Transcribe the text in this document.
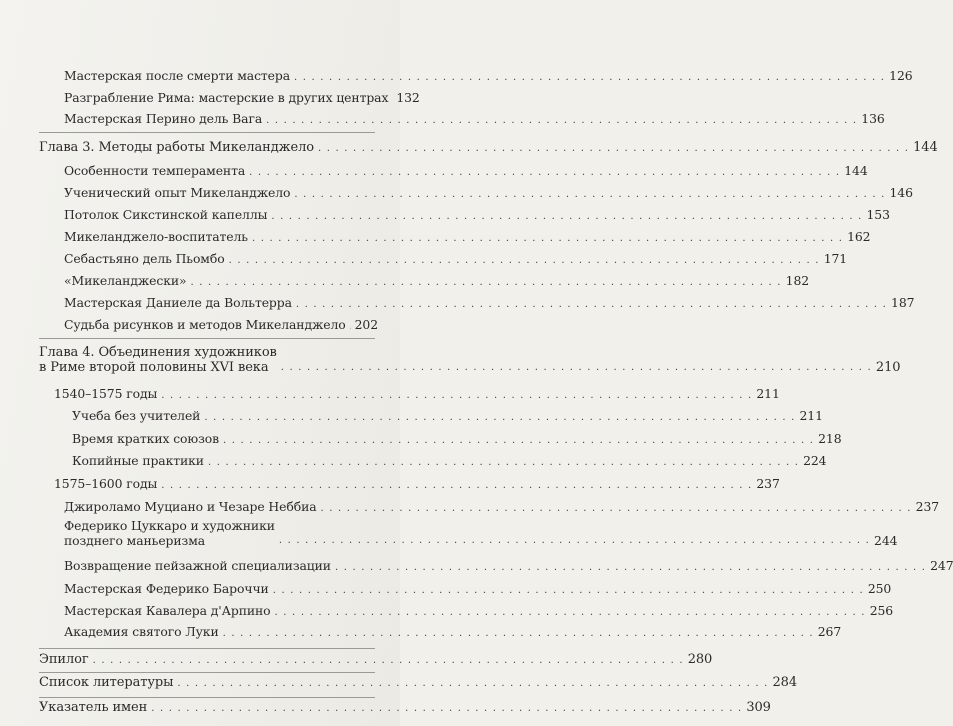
Мастерская после смерти мастера . . .	126
Разграбление Рима: мастерские в других центрах 132
Мастерская Перино дель Вага . . .	136
Глава 3. Методы работы Микеланджело . . .	144
Особенности темперамента . . .	144
Ученический опыт Микеланджело . . .	146
Потолок Сикстинской капеллы . . .	153
Микеланджело-воспитатель . . .	162
Себастьяно дель Пьомбо . . .	171
«Микеланджески» . . .	182
Мастерская Даниеле да Вольтерра . . .	187
Судьба рисунков и методов Микеланджело . . . 202
Глава 4. Объединения художников
в Риме второй половины XVI века . . .	210
1540–1575 годы . . .	211
Учеба без учителей . . .	211
Время кратких союзов . . .	218
Копийные практики . . .	224
1575–1600 годы . . .	237
Джироламо Муциано и Чезаре Неббиа . . .	237
Федерико Цуккаро и художники
позднего маньеризма . . .	244
Возвращение пейзажной специализации . . .	247
Мастерская Федерико Бароччи . . .	250
Мастерская Кавалера д'Арпино . . .	256
Академия святого Луки . . .	267
Эпилог . . .	280
Список литературы . . .	284
Указатель имен . . .	309
